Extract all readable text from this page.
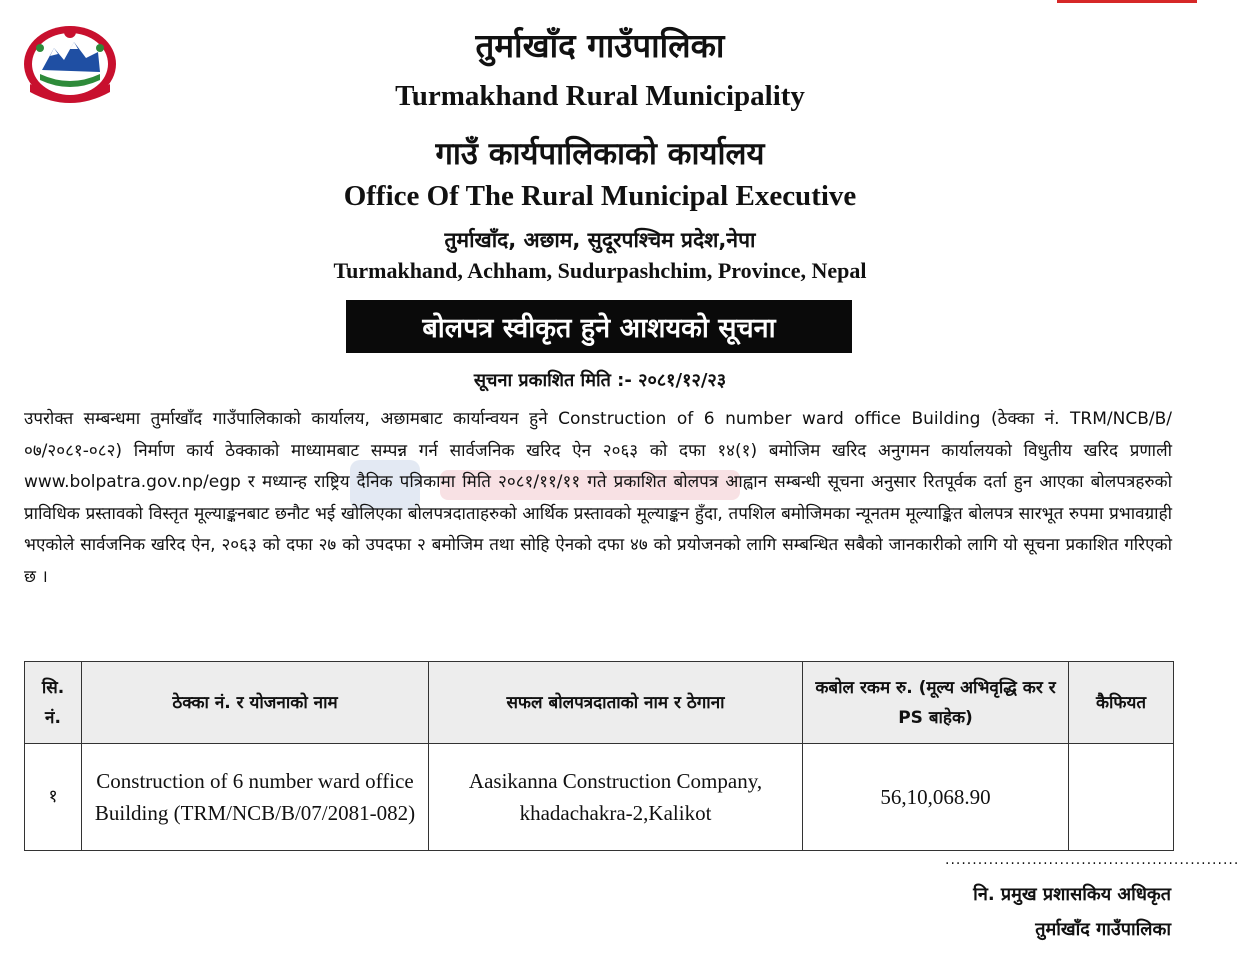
तुर्माखाँद गाउँपालिका
Turmakhand Rural Municipality
गाउँ कार्यपालिकाको कार्यालय
Office Of The Rural Municipal Executive
तुर्माखाँद, अछाम, सुदूरपश्चिम प्रदेश,नेपा
Turmakhand, Achham, Sudurpashchim, Province, Nepal
बोलपत्र स्वीकृत हुने आशयको सूचना
सूचना प्रकाशित मिति :- २०८१/१२/२३
उपरोक्त सम्बन्धमा तुर्माखाँद गाउँपालिकाको कार्यालय, अछामबाट कार्यान्वयन हुने Construction of 6 number ward office Building (ठेक्का नं. TRM/NCB/B/०७/२०८१-०८२) निर्माण कार्य ठेक्काको माध्यामबाट सम्पन्न गर्न सार्वजनिक खरिद ऐन २०६३ को दफा १४(१) बमोजिम खरिद अनुगमन कार्यालयको विधुतीय खरिद प्रणाली www.bolpatra.gov.np/egp र मध्यान्ह राष्ट्रिय दैनिक पत्रिकामा मिति २०८१/११/११ गते प्रकाशित बोलपत्र आह्वान सम्बन्धी सूचना अनुसार रितपूर्वक दर्ता हुन आएका बोलपत्रहरुको प्राविधिक प्रस्तावको विस्तृत मूल्याङ्कनबाट छनौट भई खोलिएका बोलपत्रदाताहरुको आर्थिक प्रस्तावको मूल्याङ्कन हुँदा, तपशिल बमोजिमका न्यूनतम मूल्याङ्कित बोलपत्र सारभूत रुपमा प्रभावग्राही भएकोले सार्वजनिक खरिद ऐन, २०६३ को दफा २७ को उपदफा २ बमोजिम तथा सोहि ऐनको दफा ४७ को प्रयोजनको लागि सम्बन्धित सबैको जानकारीको लागि यो सूचना प्रकाशित गरिएको छ ।
सि. नं.	ठेक्का नं. र योजनाको नाम	सफल बोलपत्रदाताको नाम र ठेगाना	कबोल रकम रु. (मूल्य अभिवृद्धि कर र PS बाहेक)	कैफियत
१	Construction of 6 number ward office Building (TRM/NCB/B/07/2081-082)	Aasikanna Construction Company, khadachakra-2,Kalikot	56,10,068.90	
......................................................
नि. प्रमुख प्रशासकिय अधिकृत
तुर्माखाँद गाउँपालिका
